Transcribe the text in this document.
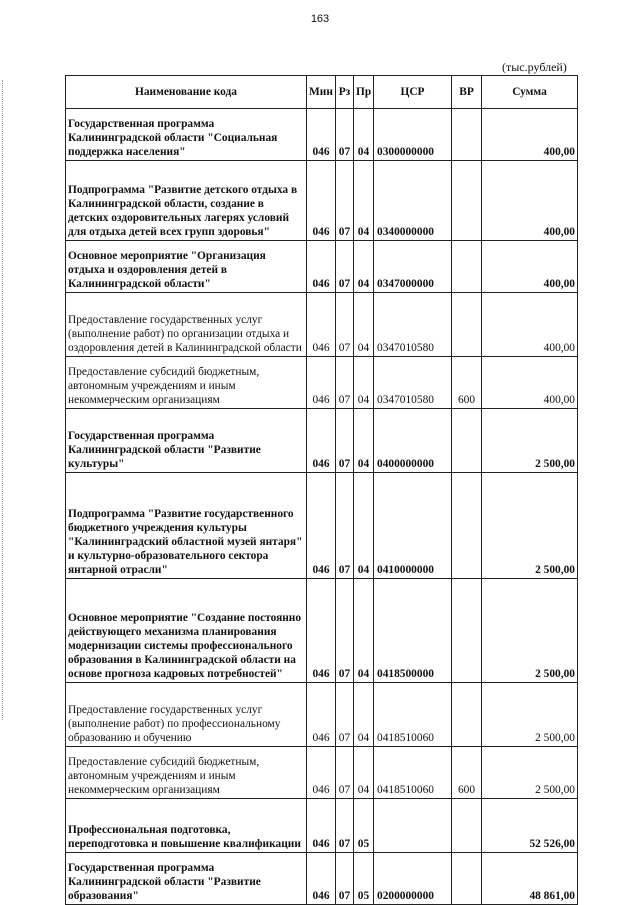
163
(тыс.рублей)
Наименование кода	Мин	Рз	Пр	ЦСР	ВР	Сумма
Государственная программа Калининградской области "Социальная поддержка населения"	046	07	04	0300000000		400,00
Подпрограмма "Развитие детского отдыха в Калининградской области, создание в детских оздоровительных лагерях условий для отдыха детей всех групп здоровья"	046	07	04	0340000000		400,00
Основное мероприятие "Организация отдыха и оздоровления детей в Калининградской области"	046	07	04	0347000000		400,00
Предоставление государственных услуг (выполнение работ) по организации отдыха и оздоровления детей в Калининградской области	046	07	04	0347010580		400,00
Предоставление субсидий бюджетным, автономным учреждениям и иным некоммерческим организациям	046	07	04	0347010580	600	400,00
Государственная программа Калининградской области "Развитие культуры"	046	07	04	0400000000		2 500,00
Подпрограмма "Развитие государственного бюджетного учреждения культуры "Калининградский областной музей янтаря" и культурно-образовательного сектора янтарной отрасли"	046	07	04	0410000000		2 500,00
Основное мероприятие "Создание постоянно действующего механизма планирования модернизации системы профессионального образования в Калининградской области на основе прогноза кадровых потребностей"	046	07	04	0418500000		2 500,00
Предоставление государственных услуг (выполнение работ) по профессиональному образованию и обучению	046	07	04	0418510060		2 500,00
Предоставление субсидий бюджетным, автономным учреждениям и иным некоммерческим организациям	046	07	04	0418510060	600	2 500,00
Профессиональная подготовка, переподготовка и повышение квалификации	046	07	05			52 526,00
Государственная программа Калининградской области "Развитие образования"	046	07	05	0200000000		48 861,00
